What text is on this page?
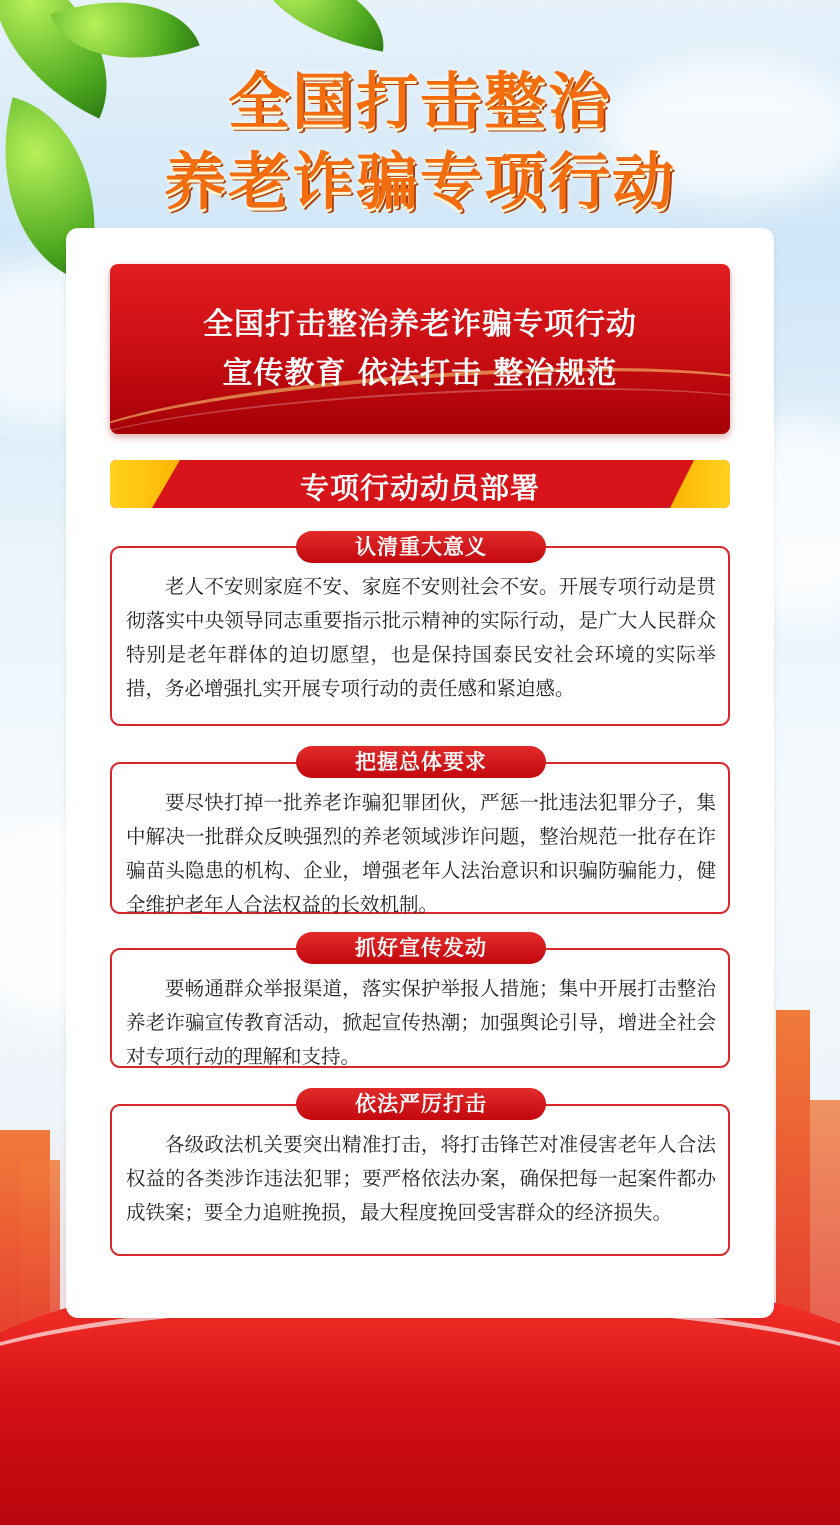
全国打击整治
养老诈骗专项行动
全国打击整治养老诈骗专项行动
宣传教育 依法打击 整治规范
专项行动动员部署

老人不安则家庭不安、家庭不安则社会不安。开展专项行动是贯彻落实中央领导同志重要指示批示精神的实际行动，是广大人民群众特别是老年群体的迫切愿望，也是保持国泰民安社会环境的实际举措，务必增强扎实开展专项行动的责任感和紧迫感。

认清重大意义

要尽快打掉一批养老诈骗犯罪团伙，严惩一批违法犯罪分子，集中解决一批群众反映强烈的养老领域涉诈问题，整治规范一批存在诈骗苗头隐患的机构、企业，增强老年人法治意识和识骗防骗能力，健全维护老年人合法权益的长效机制。

把握总体要求

要畅通群众举报渠道，落实保护举报人措施；集中开展打击整治养老诈骗宣传教育活动，掀起宣传热潮；加强舆论引导，增进全社会对专项行动的理解和支持。

抓好宣传发动

各级政法机关要突出精准打击，将打击锋芒对准侵害老年人合法权益的各类涉诈违法犯罪；要严格依法办案，确保把每一起案件都办成铁案；要全力追赃挽损，最大程度挽回受害群众的经济损失。

依法严厉打击
